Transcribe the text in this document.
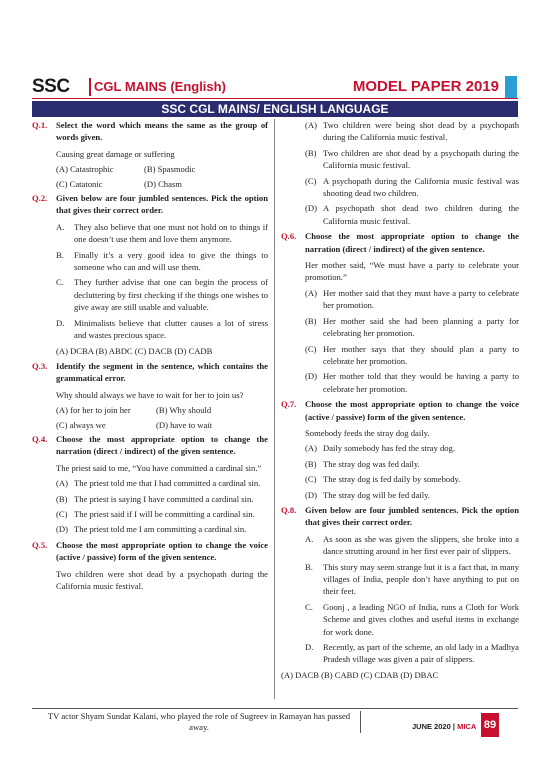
SSC CGL MAINS (English)	MODEL PAPER 2019
SSC CGL MAINS/ ENGLISH LANGUAGE
Q.1. Select the word which means the same as the group of words given.
Causing great damage or suffering
(A) Catastrophic	(B) Spasmodic
(C) Catatonic	(D) Chasm
Q.2. Given below are four jumbled sentences. Pick the option that gives their correct order.
A. They also believe that one must not hold on to things if one doesn’t use them and love them anymore.
B. Finally it’s a very good idea to give the things to someone who can and will use them.
C. They further advise that one can begin the process of decluttering by first checking if the things one wishes to give away are still usable and valuable.
D. Minimalists believe that clutter causes a lot of stress and wastes precious space.
(A) DCBA (B) ABDC (C) DACB (D) CADB
Q.3. Identify the segment in the sentence, which contains the grammatical error.
Why should always we have to wait for her to join us?
(A) for her to join her	(B) Why should
(C) always we	(D) have to wait
Q.4. Choose the most appropriate option to change the narration (direct / indirect) of the given sentence.
The priest said to me, “You have committed a cardinal sin.”
(A) The priest told me that I had committed a cardinal sin.
(B) The priest is saying I have committed a cardinal sin.
(C) The priest said if I will be committing a cardinal sin.
(D) The priest told me I am committing a cardinal sin.
Q.5. Choose the most appropriate option to change the voice (active / passive) form of the given sentence.
Two children were shot dead by a psychopath during the California music festival.
(A) Two children were being shot dead by a psychopath during the California music festival.
(B) Two children are shot dead by a psychopath during the California music festival.
(C) A psychopath during the California music festival was shooting dead two children.
(D) A psychopath shot dead two children during the California music festival.
Q.6. Choose the most appropriate option to change the narration (direct / indirect) of the given sentence.
Her mother said, “We must have a party to celebrate your promotion.”
(A) Her mother said that they must have a party to celebrate her promotion.
(B) Her mother said she had been planning a party for celebrating her promotion.
(C) Her mother says that they should plan a party to celebrate her promotion.
(D) Her mother told that they would be having a party to celebrate her promotion.
Q.7. Choose the most appropriate option to change the voice (active / passive) form of the given sentence.
Somebody feeds the stray dog daily.
(A) Daily somebody has fed the stray dog.
(B) The stray dog was fed daily.
(C) The stray dog is fed daily by somebody.
(D) The stray dog will be fed daily.
Q.8. Given below are four jumbled sentences. Pick the option that gives their correct order.
A. As soon as she was given the slippers, she broke into a dance strutting around in her first ever pair of slippers.
B. This story may seem strange but it is a fact that, in many villages of India, people don’t have anything to put on their feet.
C. Goonj , a leading NGO of India, runs a Cloth for Work Scheme and gives clothes and useful items in exchange for work done.
D. Recently, as part of the scheme, an old lady in a Madhya Pradesh village was given a pair of slippers.
(A) DACB (B) CABD (C) CDAB (D) DBAC
TV actor Shyam Sundar Kalani, who played the role of Sugreev in Ramayan has passed away.	JUNE 2020 | MICA 89
